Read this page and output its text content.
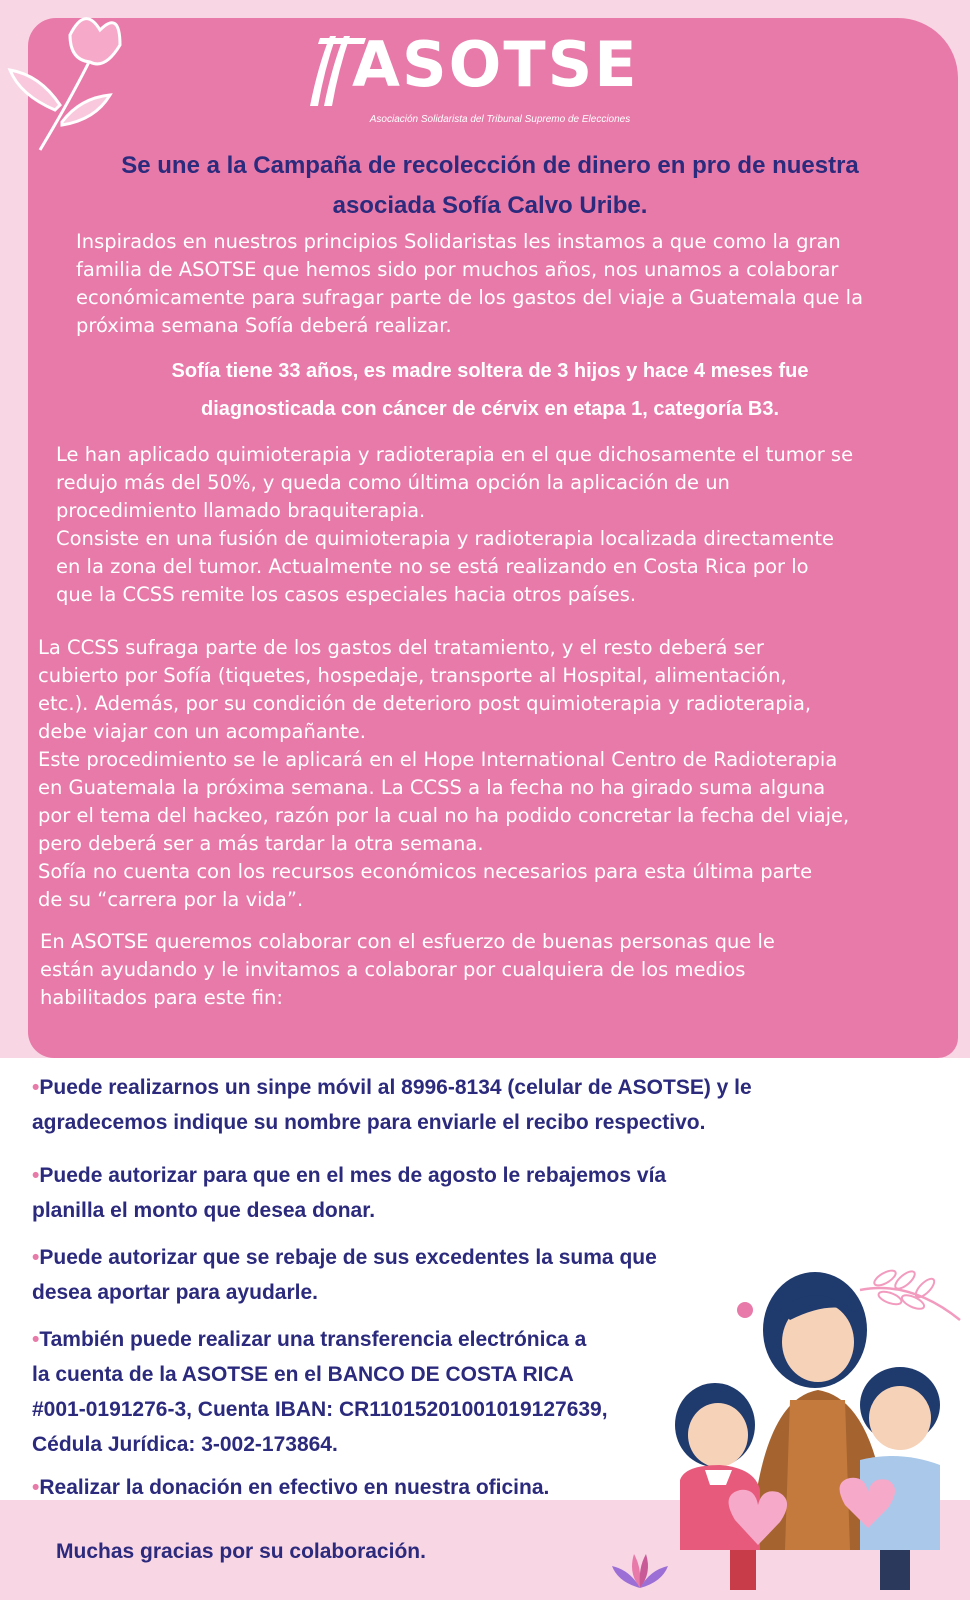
ASOTSE
Asociación Solidarista del Tribunal Supremo de Elecciones
Se une a la Campaña de recolección de dinero en pro de nuestra
asociada Sofía Calvo Uribe.
Inspirados en nuestros principios Solidaristas les instamos a que como la gran
familia de ASOTSE que hemos sido por muchos años, nos unamos a colaborar
económicamente para sufragar parte de los gastos del viaje a Guatemala que la
próxima semana Sofía deberá realizar.
Sofía tiene 33 años, es madre soltera de 3 hijos y hace 4 meses fue
diagnosticada con cáncer de cérvix en etapa 1, categoría B3.
Le han aplicado quimioterapia y radioterapia en el que dichosamente el tumor se
redujo más del 50%, y queda como última opción la aplicación de un
procedimiento llamado braquiterapia.
Consiste en una fusión de quimioterapia y radioterapia localizada directamente
en la zona del tumor. Actualmente no se está realizando en Costa Rica por lo
que la CCSS remite los casos especiales hacia otros países.
La CCSS sufraga parte de los gastos del tratamiento, y el resto deberá ser
cubierto por Sofía (tiquetes, hospedaje, transporte al Hospital, alimentación,
etc.). Además, por su condición de deterioro post quimioterapia y radioterapia,
debe viajar con un acompañante.
Este procedimiento se le aplicará en el Hope International Centro de Radioterapia
en Guatemala la próxima semana. La CCSS a la fecha no ha girado suma alguna
por el tema del hackeo, razón por la cual no ha podido concretar la fecha del viaje,
pero deberá ser a más tardar la otra semana.
Sofía no cuenta con los recursos económicos necesarios para esta última parte
de su “carrera por la vida”.
En ASOTSE queremos colaborar con el esfuerzo de buenas personas que le
están ayudando y le invitamos a colaborar por cualquiera de los medios
habilitados para este fin:
•Puede realizarnos un sinpe móvil al 8996-8134 (celular de ASOTSE) y le
agradecemos indique su nombre para enviarle el recibo respectivo.
•Puede autorizar para que en el mes de agosto le rebajemos vía
planilla el monto que desea donar.
•Puede autorizar que se rebaje de sus excedentes la suma que
desea aportar para ayudarle.
•También puede realizar una transferencia electrónica a
la cuenta de la ASOTSE en el BANCO DE COSTA RICA
#001-0191276-3, Cuenta IBAN: CR11015201001019127639,
Cédula Jurídica: 3-002-173864.
•Realizar la donación en efectivo en nuestra oficina.
Muchas gracias por su colaboración.
